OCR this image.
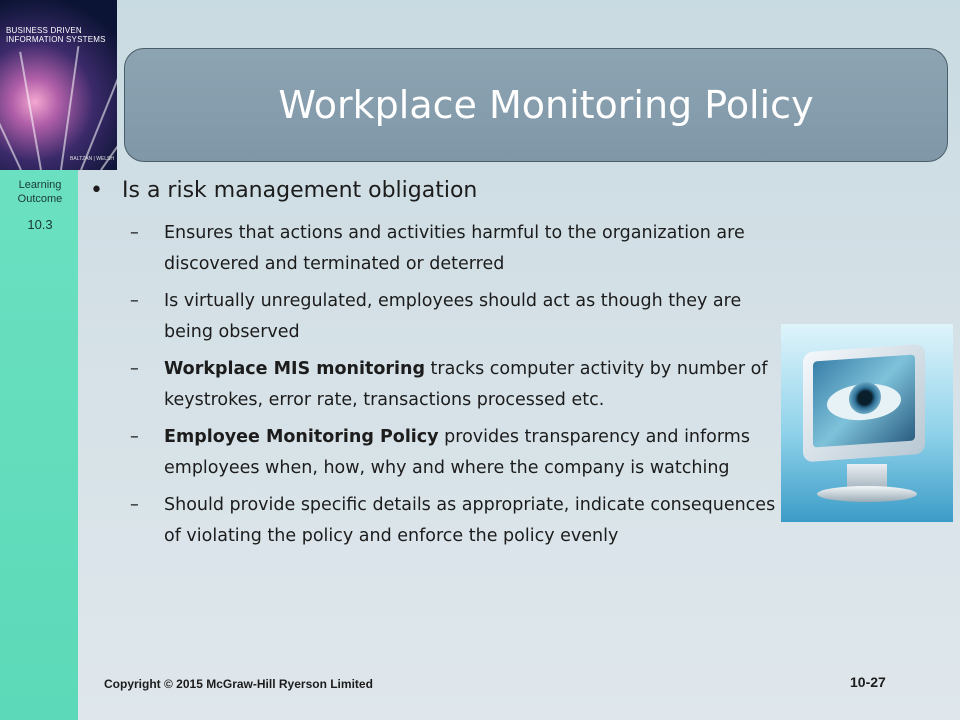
BUSINESS DRIVEN
INFORMATION SYSTEMS
BALTZAN | WELSH
Learning
Outcome
10.3
Workplace Monitoring Policy
• Is a risk management obligation
– Ensures that actions and activities harmful to the organization are discovered and terminated or deterred
– Is virtually unregulated, employees should act as though they are being observed
– Workplace MIS monitoring tracks computer activity by number of keystrokes, error rate, transactions processed etc.
– Employee Monitoring Policy provides transparency and informs employees when, how, why and where the company is watching
– Should provide specific details as appropriate, indicate consequences of violating the policy and enforce the policy evenly
Copyright © 2015 McGraw-Hill Ryerson Limited	10-27
